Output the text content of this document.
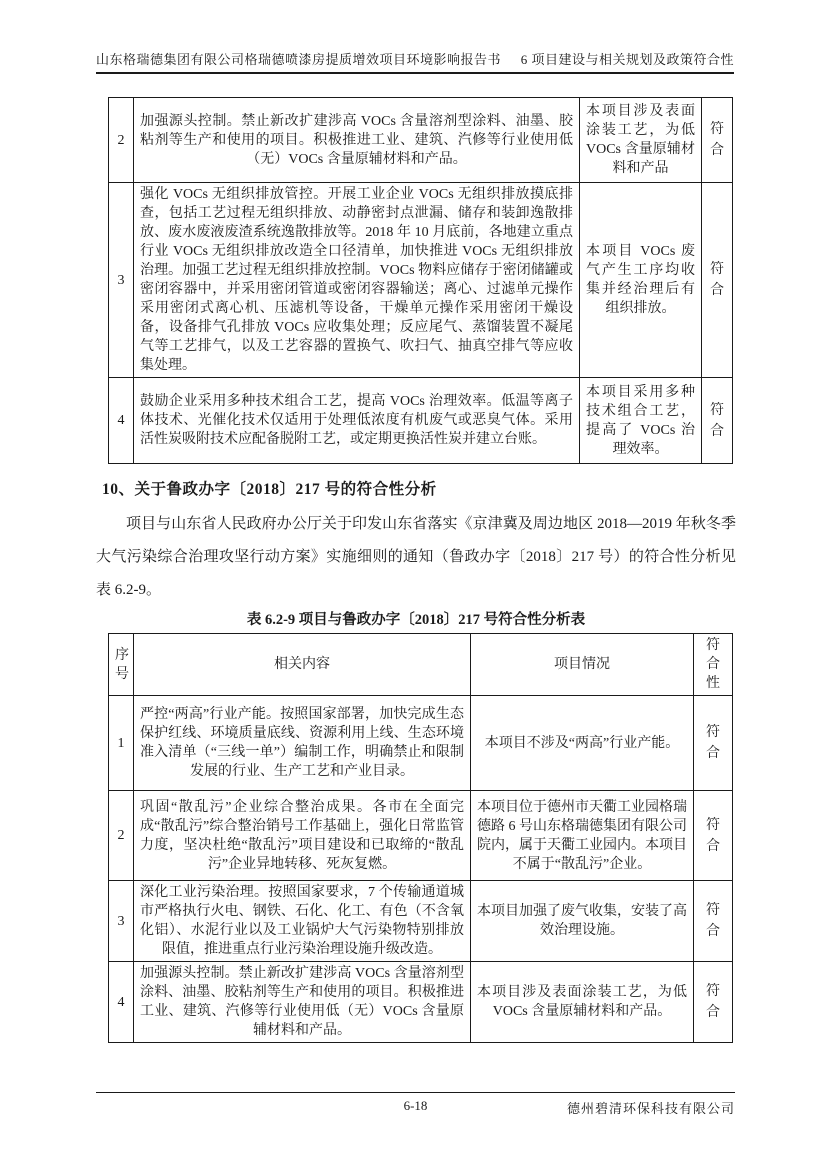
山东格瑞德集团有限公司格瑞德喷漆房提质增效项目环境影响报告书 6 项目建设与相关规划及政策符合性
2	加强源头控制。禁止新改扩建涉高 VOCs 含量溶剂型涂料、油墨、胶粘剂等生产和使用的项目。积极推进工业、建筑、汽修等行业使用低（无）VOCs 含量原辅材料和产品。	本项目涉及表面涂装工艺，为低 VOCs 含量原辅材料和产品	符合
3	强化 VOCs 无组织排放管控。开展工业企业 VOCs 无组织排放摸底排查，包括工艺过程无组织排放、动静密封点泄漏、储存和装卸逸散排放、废水废液废渣系统逸散排放等。2018 年 10 月底前，各地建立重点行业 VOCs 无组织排放改造全口径清单，加快推进 VOCs 无组织排放治理。加强工艺过程无组织排放控制。VOCs 物料应储存于密闭储罐或密闭容器中，并采用密闭管道或密闭容器输送；离心、过滤单元操作采用密闭式离心机、压滤机等设备，干燥单元操作采用密闭干燥设备，设备排气孔排放 VOCs 应收集处理；反应尾气、蒸馏装置不凝尾气等工艺排气，以及工艺容器的置换气、吹扫气、抽真空排气等应收集处理。	本项目 VOCs 废气产生工序均收集并经治理后有组织排放。	符合
4	鼓励企业采用多种技术组合工艺，提高 VOCs 治理效率。低温等离子体技术、光催化技术仅适用于处理低浓度有机废气或恶臭气体。采用活性炭吸附技术应配备脱附工艺，或定期更换活性炭并建立台账。	本项目采用多种技术组合工艺，提高了 VOCs 治理效率。	符合
10、关于鲁政办字〔2018〕217 号的符合性分析
项目与山东省人民政府办公厅关于印发山东省落实《京津冀及周边地区 2018—2019 年秋冬季大气污染综合治理攻坚行动方案》实施细则的通知（鲁政办字〔2018〕217 号）的符合性分析见表 6.2-9。
表 6.2-9 项目与鲁政办字〔2018〕217 号符合性分析表
序号	相关内容	项目情况	符合性
1	严控“两高”行业产能。按照国家部署，加快完成生态保护红线、环境质量底线、资源利用上线、生态环境准入清单（“三线一单”）编制工作，明确禁止和限制发展的行业、生产工艺和产业目录。	本项目不涉及“两高”行业产能。	符合
2	巩固“散乱污”企业综合整治成果。各市在全面完成“散乱污”综合整治销号工作基础上，强化日常监管力度，坚决杜绝“散乱污”项目建设和已取缔的“散乱污”企业异地转移、死灰复燃。	本项目位于德州市天衢工业园格瑞德路 6 号山东格瑞德集团有限公司院内，属于天衢工业园内。本项目不属于“散乱污”企业。	符合
3	深化工业污染治理。按照国家要求，7 个传输通道城市严格执行火电、钢铁、石化、化工、有色（不含氧化铝）、水泥行业以及工业锅炉大气污染物特别排放限值，推进重点行业污染治理设施升级改造。	本项目加强了废气收集，安装了高效治理设施。	符合
4	加强源头控制。禁止新改扩建涉高 VOCs 含量溶剂型涂料、油墨、胶粘剂等生产和使用的项目。积极推进工业、建筑、汽修等行业使用低（无）VOCs 含量原辅材料和产品。	本项目涉及表面涂装工艺，为低 VOCs 含量原辅材料和产品。	符合
6-18	德州碧清环保科技有限公司
